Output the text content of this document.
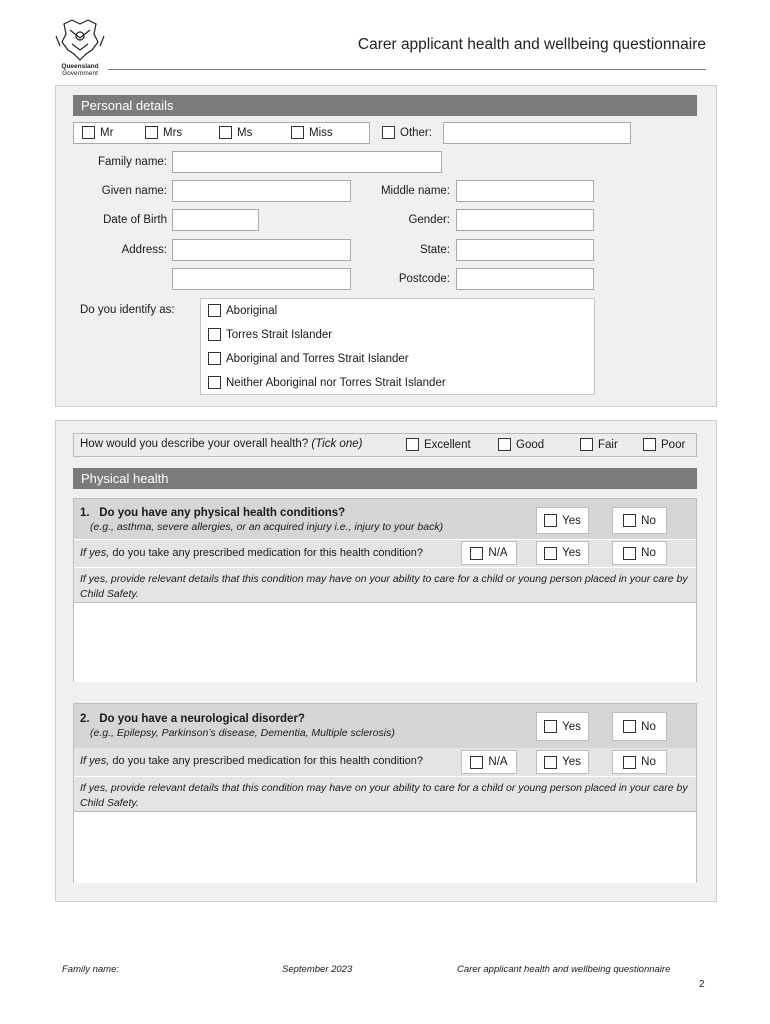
Queensland
Government
Carer applicant health and wellbeing questionnaire
Personal details
Mr	Mrs	Ms	Miss	Other:
Family name:
Given name:	Middle name:
Date of Birth	Gender:
Address:	State:
Postcode:
Do you identify as:	Aboriginal
Torres Strait Islander
Aboriginal and Torres Strait Islander
Neither Aboriginal nor Torres Strait Islander
How would you describe your overall health? (Tick one)	Excellent	Good	Fair	Poor
Physical health
1. Do you have any physical health conditions?
(e.g., asthma, severe allergies, or an acquired injury i.e., injury to your back)
Yes	No
If yes, do you take any prescribed medication for this health condition?	N/A	Yes	No
If yes, provide relevant details that this condition may have on your ability to care for a child or young person placed in your care by Child Safety.
2. Do you have a neurological disorder?
(e.g., Epilepsy, Parkinson’s disease, Dementia, Multiple sclerosis)
Yes	No
If yes, do you take any prescribed medication for this health condition?	N/A	Yes	No
If yes, provide relevant details that this condition may have on your ability to care for a child or young person placed in your care by Child Safety.
Family name:	September 2023	Carer applicant health and wellbeing questionnaire
2
